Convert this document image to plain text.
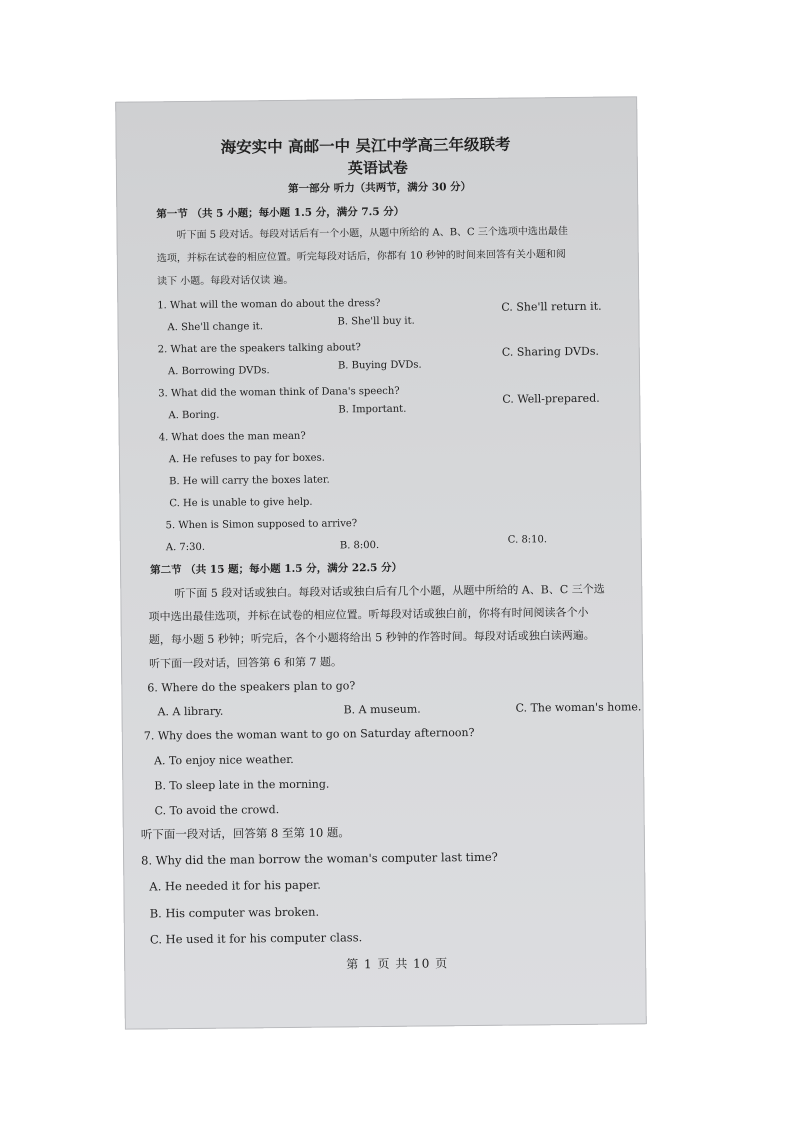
海安实中 高邮一中 吴江中学高三年级联考
英语试卷
第一部分 听力（共两节，满分 30 分）
第一节 （共 5 小题；每小题 1.5 分，满分 7.5 分）
听下面 5 段对话。每段对话后有一个小题，从题中所给的 A、B、C 三个选项中选出最佳
选项，并标在试卷的相应位置。听完每段对话后，你都有 10 秒钟的时间来回答有关小题和阅
读下 小题。每段对话仅读 遍。
1. What will the woman do about the dress?
A. She'll change it.	B. She'll buy it.
C. She'll return it.
2. What are the speakers talking about?
A. Borrowing DVDs.	B. Buying DVDs.
C. Sharing DVDs.
3. What did the woman think of Dana's speech?
A. Boring.
B. Important.
C. Well-prepared.
4. What does the man mean?
A. He refuses to pay for boxes.
B. He will carry the boxes later.
C. He is unable to give help.
5. When is Simon supposed to arrive?
A. 7:30.	B. 8:00.
C. 8:10.
第二节 （共 15 题；每小题 1.5 分，满分 22.5 分）
听下面 5 段对话或独白。每段对话或独白后有几个小题，从题中所给的 A、B、C 三个选
项中选出最佳选项，并标在试卷的相应位置。听每段对话或独白前，你将有时间阅读各个小
题，每小题 5 秒钟；听完后，各个小题将给出 5 秒钟的作答时间。每段对话或独白读两遍。
听下面一段对话，回答第 6 和第 7 题。
6. Where do the speakers plan to go?
A. A library.	B. A museum.	C. The woman's home.
7. Why does the woman want to go on Saturday afternoon?
A. To enjoy nice weather.
B. To sleep late in the morning.
C. To avoid the crowd.
听下面一段对话，回答第 8 至第 10 题。
8. Why did the man borrow the woman's computer last time?
A. He needed it for his paper.
B. His computer was broken.
C. He used it for his computer class.
第 1 页 共 10 页
